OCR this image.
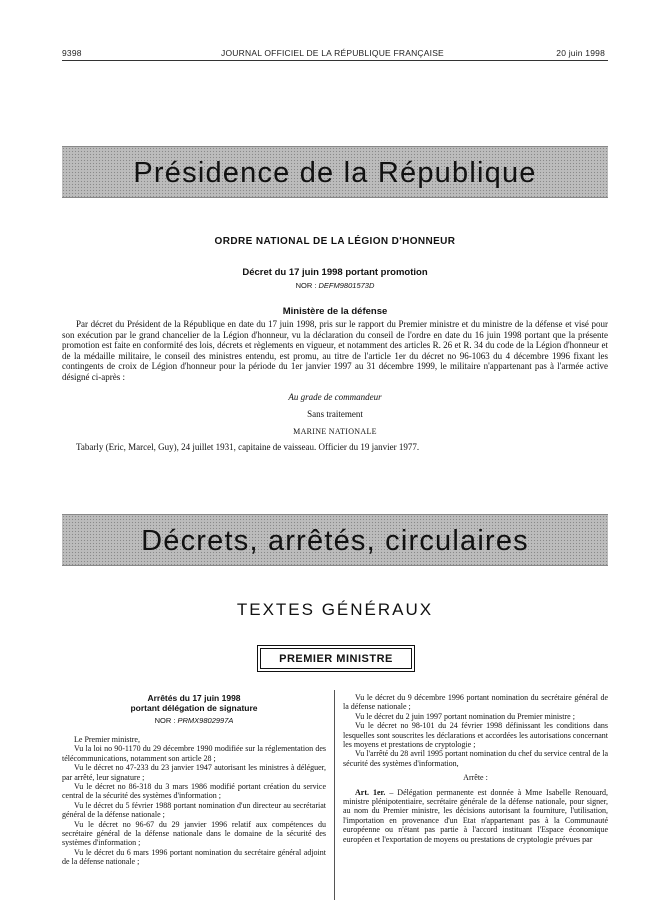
9398	JOURNAL OFFICIEL DE LA RÉPUBLIQUE FRANÇAISE	20 juin 1998
Présidence de la République
ORDRE NATIONAL DE LA LÉGION D'HONNEUR
Décret du 17 juin 1998 portant promotion
NOR : DEFM9801573D
Ministère de la défense
Par décret du Président de la République en date du 17 juin 1998, pris sur le rapport du Premier ministre et du ministre de la défense et visé pour son exécution par le grand chancelier de la Légion d'honneur, vu la déclaration du conseil de l'ordre en date du 16 juin 1998 portant que la présente promotion est faite en conformité des lois, décrets et règlements en vigueur, et notamment des articles R. 26 et R. 34 du code de la Légion d'honneur et de la médaille militaire, le conseil des ministres entendu, est promu, au titre de l'article 1er du décret no 96-1063 du 4 décembre 1996 fixant les contingents de croix de Légion d'honneur pour la période du 1er janvier 1997 au 31 décembre 1999, le militaire n'appartenant pas à l'armée active désigné ci-après :
Au grade de commandeur
Sans traitement
MARINE NATIONALE
Tabarly (Eric, Marcel, Guy), 24 juillet 1931, capitaine de vaisseau. Officier du 19 janvier 1977.
Décrets, arrêtés, circulaires
TEXTES GÉNÉRAUX
PREMIER MINISTRE
Arrêtés du 17 juin 1998
portant délégation de signature
NOR : PRMX9802997A

Le Premier ministre,

Vu la loi no 90-1170 du 29 décembre 1990 modifiée sur la réglementation des télécommunications, notamment son article 28 ;

Vu le décret no 47-233 du 23 janvier 1947 autorisant les ministres à déléguer, par arrêté, leur signature ;

Vu le décret no 86-318 du 3 mars 1986 modifié portant création du service central de la sécurité des systèmes d'information ;

Vu le décret du 5 février 1988 portant nomination d'un directeur au secrétariat général de la défense nationale ;

Vu le décret no 96-67 du 29 janvier 1996 relatif aux compétences du secrétaire général de la défense nationale dans le domaine de la sécurité des systèmes d'information ;

Vu le décret du 6 mars 1996 portant nomination du secrétaire général adjoint de la défense nationale ;

Vu le décret du 9 décembre 1996 portant nomination du secrétaire général de la défense nationale ;

Vu le décret du 2 juin 1997 portant nomination du Premier ministre ;

Vu le décret no 98-101 du 24 février 1998 définissant les conditions dans lesquelles sont souscrites les déclarations et accordées les autorisations concernant les moyens et prestations de cryptologie ;

Vu l'arrêté du 28 avril 1995 portant nomination du chef du service central de la sécurité des systèmes d'information,

Arrête :

Art. 1er. – Délégation permanente est donnée à Mme Isabelle Renouard, ministre plénipotentiaire, secrétaire générale de la défense nationale, pour signer, au nom du Premier ministre, les décisions autorisant la fourniture, l'utilisation, l'importation en provenance d'un Etat n'appartenant pas à la Communauté européenne ou n'étant pas partie à l'accord instituant l'Espace économique européen et l'exportation de moyens ou prestations de cryptologie prévues par
